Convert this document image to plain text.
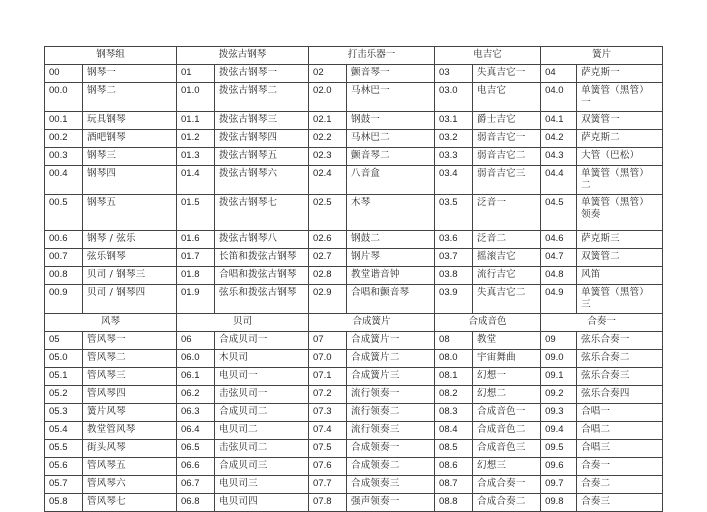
钢琴组		拨弦古钢琴		打击乐器一		电吉它		簧片	
00	钢琴一	01	拨弦古钢琴一	02	颤音琴一	03	失真吉它一	04	萨克斯一
00.0	钢琴二	01.0	拨弦古钢琴二	02.0	马林巴一	03.0	电吉它	04.0	单簧管（黑管）一
00.1	玩具钢琴	01.1	拨弦古钢琴三	02.1	钢鼓一	03.1	爵士吉它	04.1	双簧管一
00.2	酒吧钢琴	01.2	拨弦古钢琴四	02.2	马林巴二	03.2	弱音吉它一	04.2	萨克斯二
00.3	钢琴三	01.3	拨弦古钢琴五	02.3	颤音琴二	03.3	弱音吉它二	04.3	大管（巴松）
00.4	钢琴四	01.4	拨弦古钢琴六	02.4	八音盒	03.4	弱音吉它三	04.4	单簧管（黑管）二
00.5	钢琴五	01.5	拨弦古钢琴七	02.5	木琴	03.5	泛音一	04.5	单簧管（黑管）领奏
00.6	钢琴 / 弦乐	01.6	拨弦古钢琴八	02.6	钢鼓二	03.6	泛音二	04.6	萨克斯三
00.7	弦乐钢琴	01.7	长笛和拨弦古钢琴	02.7	钢片琴	03.7	摇滚吉它	04.7	双簧管二
00.8	贝司 / 钢琴三	01.8	合唱和拨弦古钢琴	02.8	教堂谐音钟	03.8	流行吉它	04.8	风笛
00.9	贝司 / 钢琴四	01.9	弦乐和拨弦古钢琴	02.9	合唱和颤音琴	03.9	失真吉它二	04.9	单簧管（黑管）三
风琴		贝司		合成簧片		合成音色		合奏一	
05	管风琴一	06	合成贝司一	07	合成簧片一	08	教堂	09	弦乐合奏一
05.0	管风琴二	06.0	木贝司	07.0	合成簧片二	08.0	宇宙舞曲	09.0	弦乐合奏二
05.1	管风琴三	06.1	电贝司一	07.1	合成簧片三	08.1	幻想一	09.1	弦乐合奏三
05.2	管风琴四	06.2	击弦贝司一	07.2	流行领奏一	08.2	幻想二	09.2	弦乐合奏四
05.3	簧片风琴	06.3	合成贝司二	07.3	流行领奏二	08.3	合成音色一	09.3	合唱一
05.4	教堂管风琴	06.4	电贝司二	07.4	流行领奏三	08.4	合成音色二	09.4	合唱二
05.5	街头风琴	06.5	击弦贝司二	07.5	合成领奏一	08.5	合成音色三	09.5	合唱三
05.6	管风琴五	06.6	合成贝司三	07.6	合成领奏二	08.6	幻想三	09.6	合奏一
05.7	管风琴六	06.7	电贝司三	07.7	合成领奏三	08.7	合成合奏一	09.7	合奏二
05.8	管风琴七	06.8	电贝司四	07.8	强声领奏一	08.8	合成合奏二	09.8	合奏三
